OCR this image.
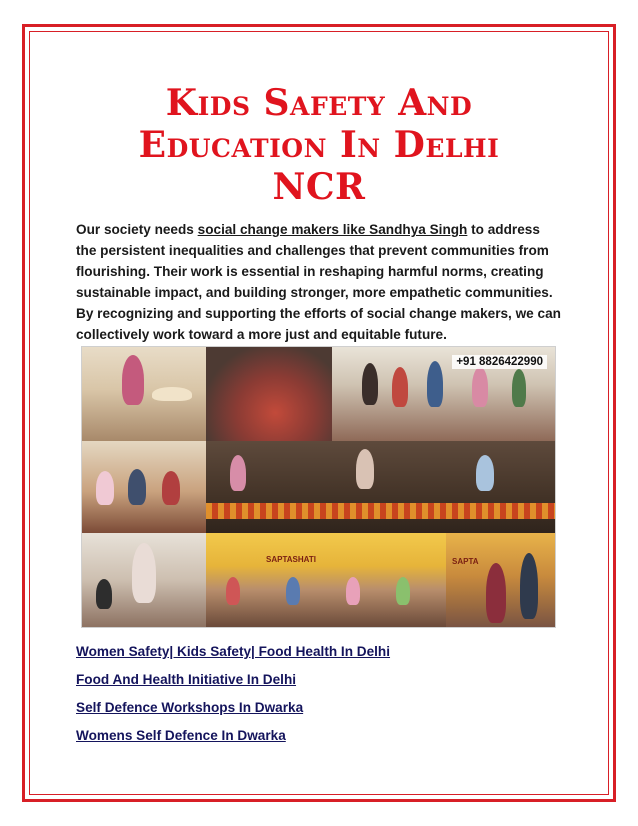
Kids Safety And
Education In Delhi
NCR

Our society needs social change makers like Sandhya Singh to address the persistent inequalities and challenges that prevent communities from flourishing. Their work is essential in reshaping harmful norms, creating sustainable impact, and building stronger, more empathetic communities. By recognizing and supporting the efforts of social change makers, we can collectively work toward a more just and equitable future.

+91 8826422990
SAPTASHATI	SAPTA
Women Safety| Kids Safety| Food Health In Delhi
Food And Health Initiative In Delhi
Self Defence Workshops In Dwarka
Womens Self Defence In Dwarka
